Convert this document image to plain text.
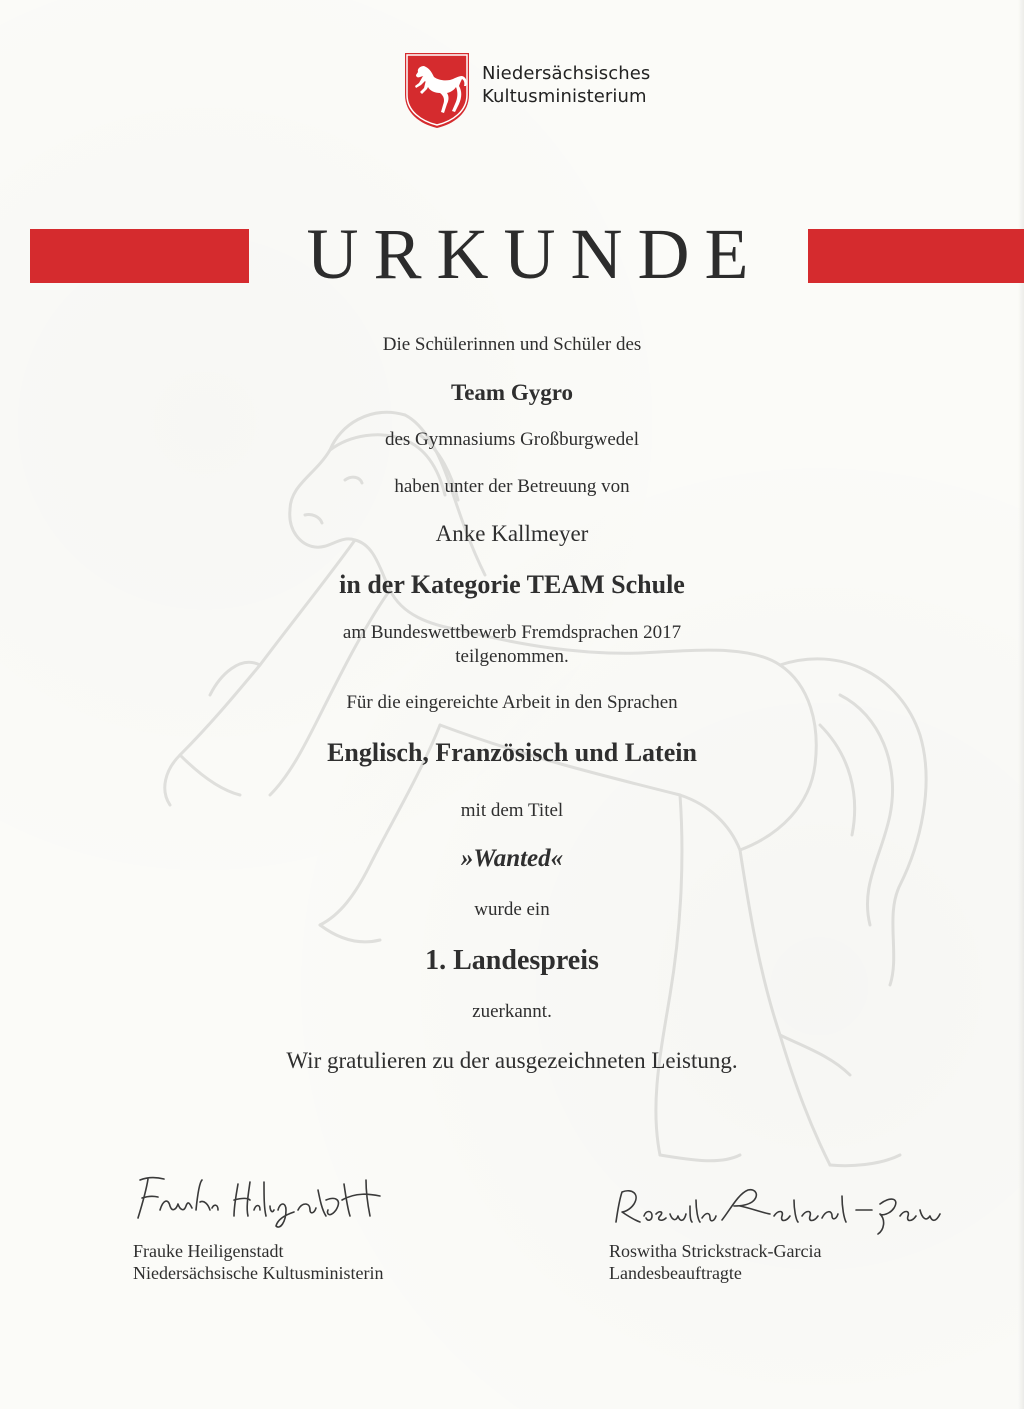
Niedersächsisches
Kultusministerium
URKUNDE
Die Schülerinnen und Schüler des
Team Gygro
des Gymnasiums Großburgwedel
haben unter der Betreuung von
Anke Kallmeyer
in der Kategorie TEAM Schule
am Bundeswettbewerb Fremdsprachen 2017
teilgenommen.
Für die eingereichte Arbeit in den Sprachen
Englisch, Französisch und Latein
mit dem Titel
»Wanted«
wurde ein
1. Landespreis
zuerkannt.
Wir gratulieren zu der ausgezeichneten Leistung.
Frauke Heiligenstadt
Niedersächsische Kultusministerin
Roswitha Strickstrack-Garcia
Landesbeauftragte
